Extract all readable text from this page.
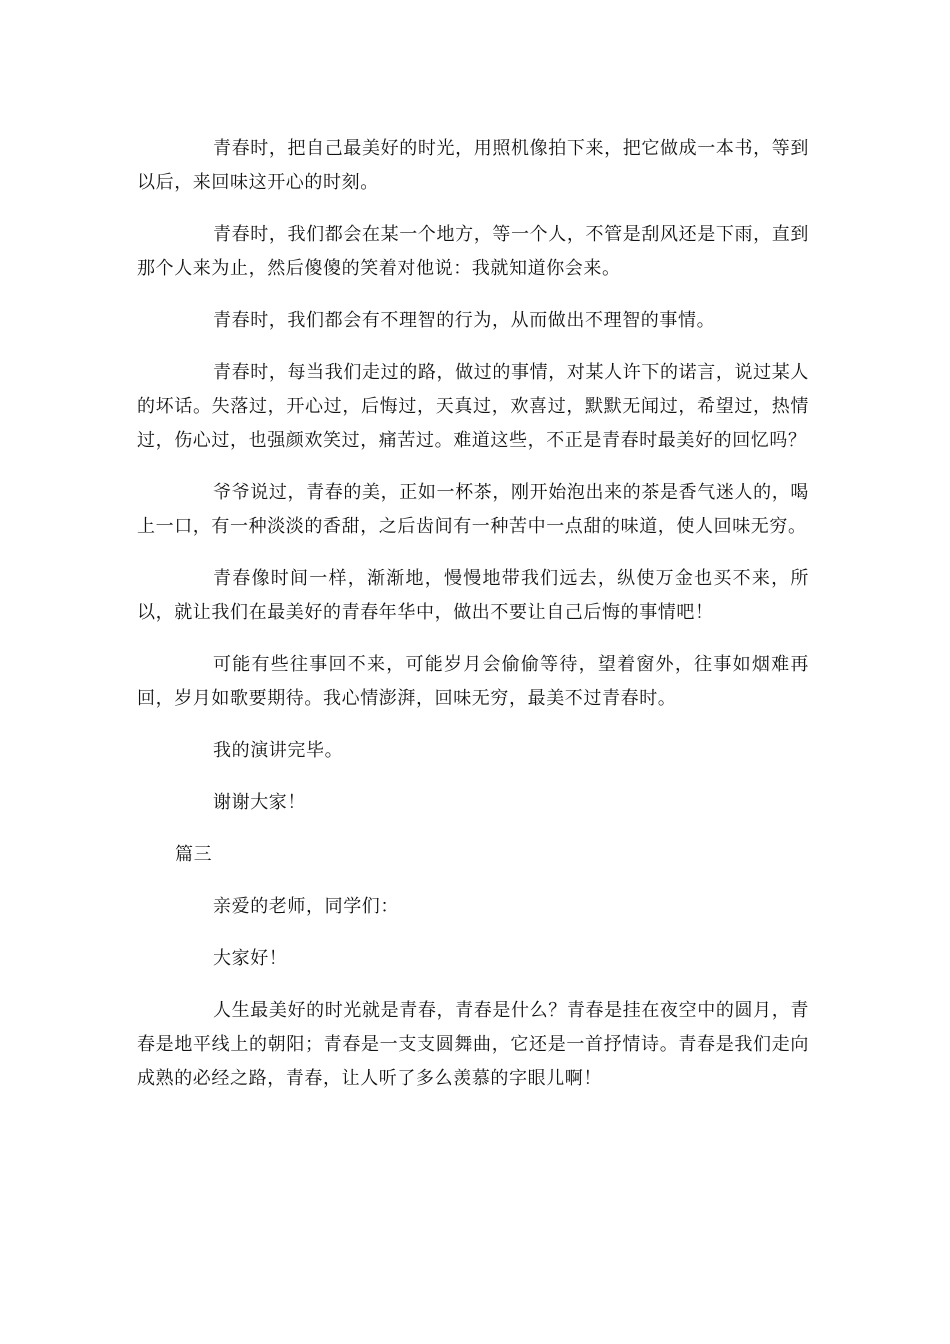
青春时，把自己最美好的时光，用照机像拍下来，把它做成一本书，等到以后，来回味这开心的时刻。

青春时，我们都会在某一个地方，等一个人，不管是刮风还是下雨，直到那个人来为止，然后傻傻的笑着对他说：我就知道你会来。

青春时，我们都会有不理智的行为，从而做出不理智的事情。

青春时，每当我们走过的路，做过的事情，对某人许下的诺言，说过某人的坏话。失落过，开心过，后悔过，天真过，欢喜过，默默无闻过，希望过，热情过，伤心过，也强颜欢笑过，痛苦过。难道这些，不正是青春时最美好的回忆吗？

爷爷说过，青春的美，正如一杯茶，刚开始泡出来的茶是香气迷人的，喝上一口，有一种淡淡的香甜，之后齿间有一种苦中一点甜的味道，使人回味无穷。

青春像时间一样，渐渐地，慢慢地带我们远去，纵使万金也买不来，所以，就让我们在最美好的青春年华中，做出不要让自己后悔的事情吧！

可能有些往事回不来，可能岁月会偷偷等待，望着窗外，往事如烟难再回，岁月如歌要期待。我心情澎湃，回味无穷，最美不过青春时。

我的演讲完毕。

谢谢大家！

篇三

亲爱的老师，同学们：

大家好！

人生最美好的时光就是青春，青春是什么？青春是挂在夜空中的圆月，青春是地平线上的朝阳；青春是一支支圆舞曲，它还是一首抒情诗。青春是我们走向成熟的必经之路，青春，让人听了多么羡慕的字眼儿啊！
